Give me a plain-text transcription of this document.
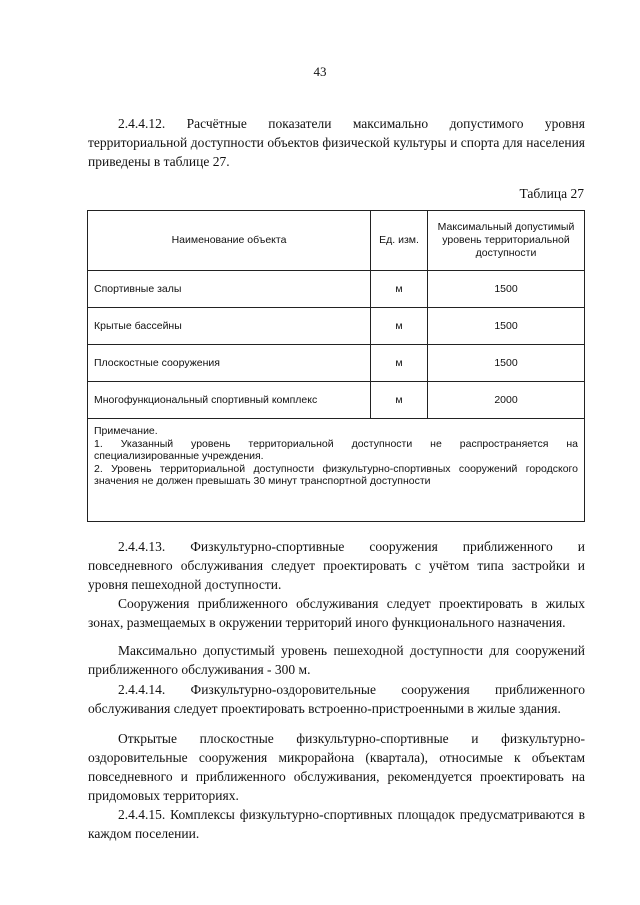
43

2.4.4.12. Расчётные показатели максимально допустимого уровня территориальной доступности объектов физической культуры и спорта для населения приведены в таблице 27.

Таблица 27
Наименование объекта	Ед. изм.	Максимальный допустимый уровень территориальной доступности
Спортивные залы	м	1500
Крытые бассейны	м	1500
Плоскостные сооружения	м	1500
Многофункциональный спортивный комплекс	м	2000

Примечание.
1. Указанный уровень территориальной доступности не распространяется на специализированные учреждения.
2. Уровень территориальной доступности физкультурно-спортивных сооружений городского значения не должен превышать 30 минут транспортной доступности		

2.4.4.13. Физкультурно-спортивные сооружения приближенного и повседневного обслуживания следует проектировать с учётом типа застройки и уровня пешеходной доступности.

Сооружения приближенного обслуживания следует проектировать в жилых зонах, размещаемых в окружении территорий иного функционального назначения.

Максимально допустимый уровень пешеходной доступности для сооружений приближенного обслуживания - 300 м.

2.4.4.14. Физкультурно-оздоровительные сооружения приближенного обслуживания следует проектировать встроенно-пристроенными в жилые здания.

Открытые плоскостные физкультурно-спортивные и физкультурно-оздоровительные сооружения микрорайона (квартала), относимые к объектам повседневного и приближенного обслуживания, рекомендуется проектировать на придомовых территориях.

2.4.4.15. Комплексы физкультурно-спортивных площадок предусматриваются в каждом поселении.
